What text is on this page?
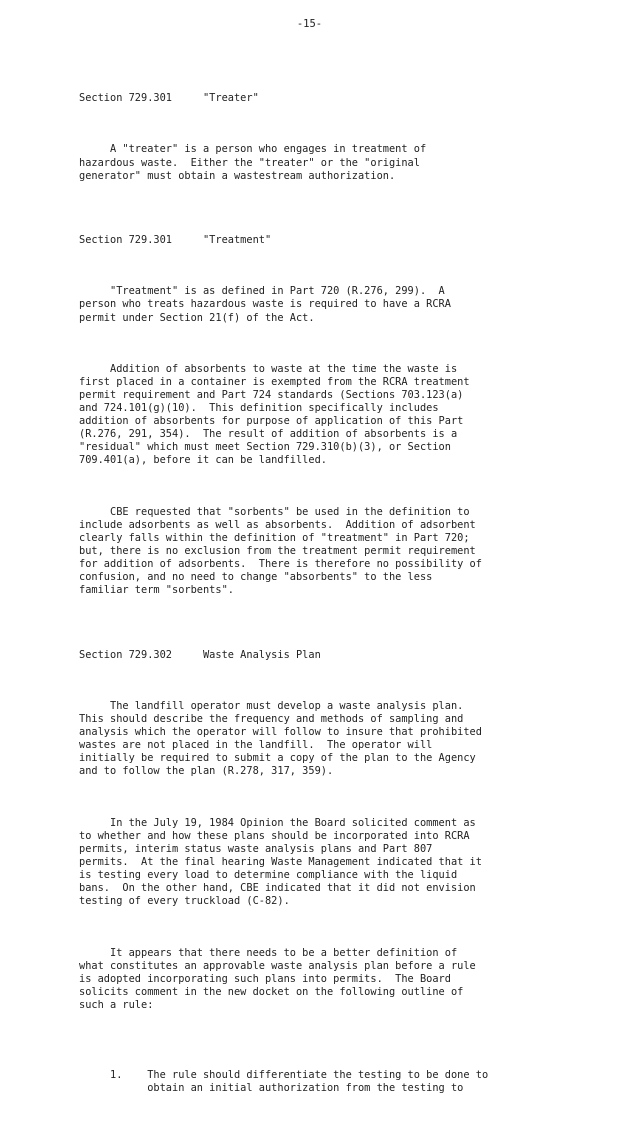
-15-

Section 729.301     "Treater"

A "treater" is a person who engages in treatment of
hazardous waste.  Either the "treater" or the "original
generator" must obtain a wastestream authorization.

Section 729.301     "Treatment"

"Treatment" is as defined in Part 720 (R.276, 299).  A
person who treats hazardous waste is required to have a RCRA
permit under Section 21(f) of the Act.

Addition of absorbents to waste at the time the waste is
first placed in a container is exempted from the RCRA treatment
permit requirement and Part 724 standards (Sections 703.123(a)
and 724.101(g)(10).  This definition specifically includes
addition of absorbents for purpose of application of this Part
(R.276, 291, 354).  The result of addition of absorbents is a
"residual" which must meet Section 729.310(b)(3), or Section
709.401(a), before it can be landfilled.

CBE requested that "sorbents" be used in the definition to
include adsorbents as well as absorbents.  Addition of adsorbent
clearly falls within the definition of "treatment" in Part 720;
but, there is no exclusion from the treatment permit requirement
for addition of adsorbents.  There is therefore no possibility of
confusion, and no need to change "absorbents" to the less
familiar term "sorbents".

Section 729.302     Waste Analysis Plan

The landfill operator must develop a waste analysis plan.
This should describe the frequency and methods of sampling and
analysis which the operator will follow to insure that prohibited
wastes are not placed in the landfill.  The operator will
initially be required to submit a copy of the plan to the Agency
and to follow the plan (R.278, 317, 359).

In the July 19, 1984 Opinion the Board solicited comment as
to whether and how these plans should be incorporated into RCRA
permits, interim status waste analysis plans and Part 807
permits.  At the final hearing Waste Management indicated that it
is testing every load to determine compliance with the liquid
bans.  On the other hand, CBE indicated that it did not envision
testing of every truckload (C-82).

It appears that there needs to be a better definition of
what constitutes an approvable waste analysis plan before a rule
is adopted incorporating such plans into permits.  The Board
solicits comment in the new docket on the following outline of
such a rule:

1.    The rule should differentiate the testing to be done to
obtain an initial authorization from the testing to
